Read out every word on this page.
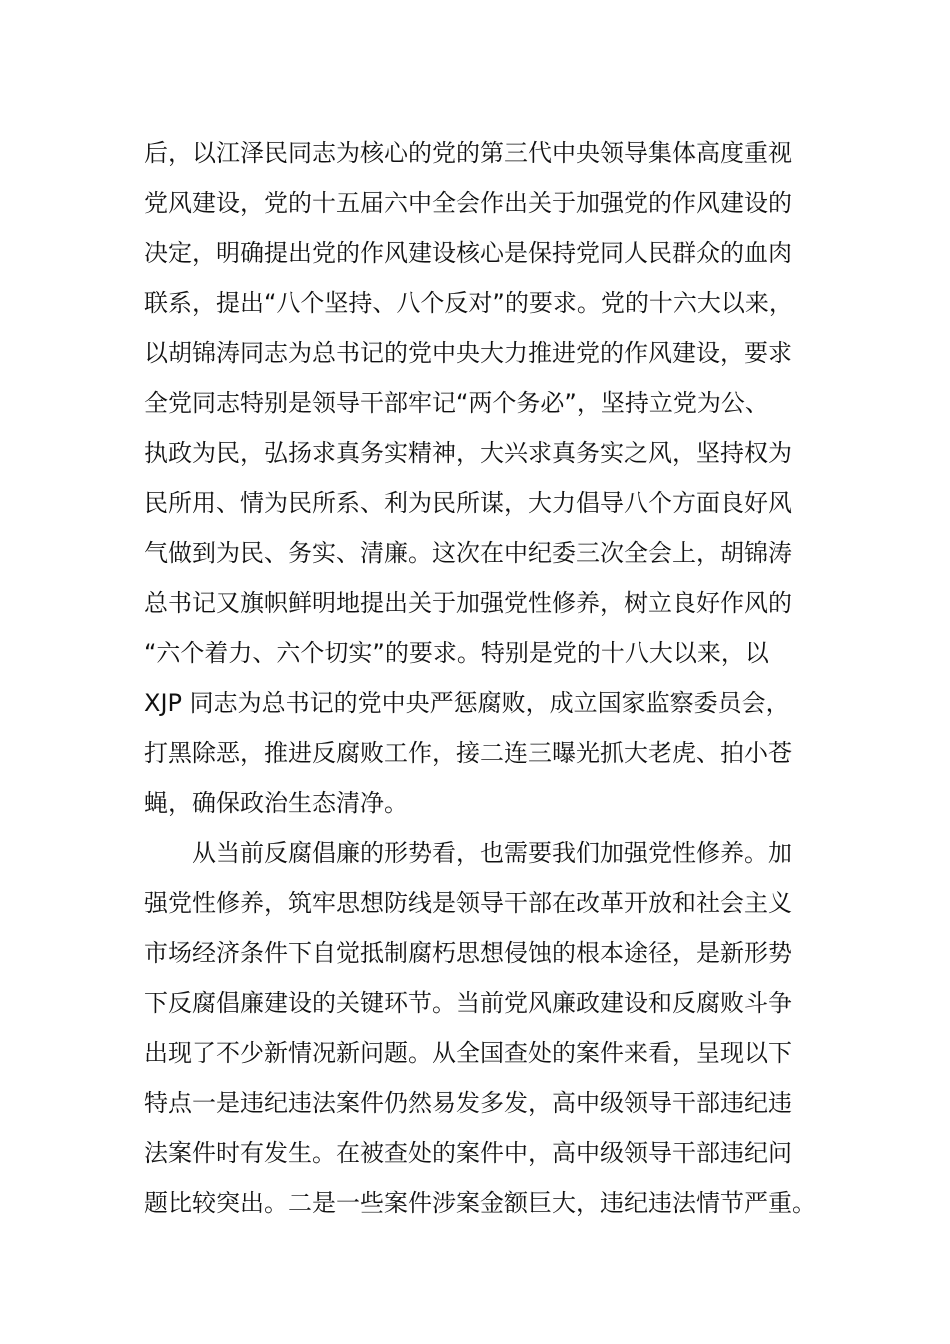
后，以江泽民同志为核心的党的第三代中央领导集体高度重视
党风建设，党的十五届六中全会作出关于加强党的作风建设的
决定，明确提出党的作风建设核心是保持党同人民群众的血肉
联系，提出“八个坚持、八个反对”的要求。党的十六大以来，
以胡锦涛同志为总书记的党中央大力推进党的作风建设，要求
全党同志特别是领导干部牢记“两个务必”，坚持立党为公、
执政为民，弘扬求真务实精神，大兴求真务实之风，坚持权为
民所用、情为民所系、利为民所谋，大力倡导八个方面良好风
气做到为民、务实、清廉。这次在中纪委三次全会上，胡锦涛
总书记又旗帜鲜明地提出关于加强党性修养，树立良好作风的
“六个着力、六个切实”的要求。特别是党的十八大以来，以
XJP 同志为总书记的党中央严惩腐败，成立国家监察委员会，
打黑除恶，推进反腐败工作，接二连三曝光抓大老虎、拍小苍
蝇，确保政治生态清净。
从当前反腐倡廉的形势看，也需要我们加强党性修养。加
强党性修养，筑牢思想防线是领导干部在改革开放和社会主义
市场经济条件下自觉抵制腐朽思想侵蚀的根本途径，是新形势
下反腐倡廉建设的关键环节。当前党风廉政建设和反腐败斗争
出现了不少新情况新问题。从全国查处的案件来看，呈现以下
特点一是违纪违法案件仍然易发多发，高中级领导干部违纪违
法案件时有发生。在被查处的案件中，高中级领导干部违纪问
题比较突出。二是一些案件涉案金额巨大，违纪违法情节严重。
